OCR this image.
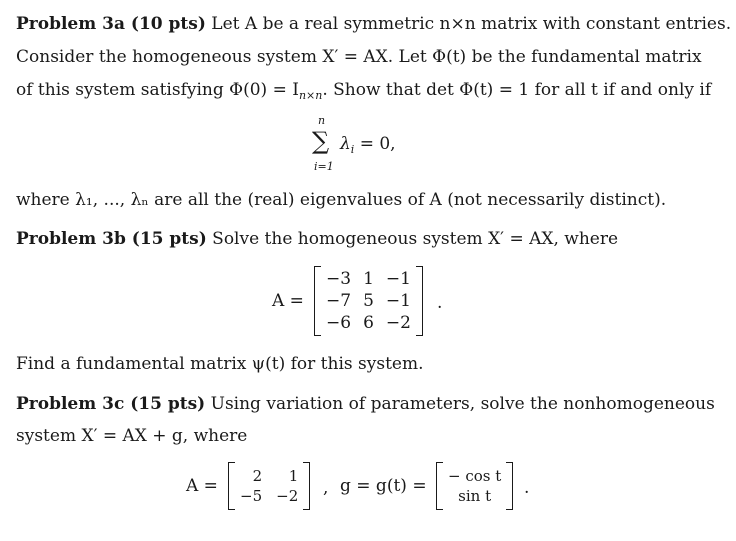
Problem 3a (10 pts) Let A be a real symmetric n×n matrix with constant entries.
Consider the homogeneous system X′ = AX. Let Φ(t) be the fundamental matrix
of this system satisfying $\Phi(0) = I_{n\times n}$. Show that det Φ(t) = 1 for all t if and only if
n
∑ $\lambda_i = 0$,
i=1
where λ₁, ..., λₙ are all the (real) eigenvalues of A (not necessarily distinct).
Problem 3b (15 pts) Solve the homogeneous system X′ = AX, where
A =
−3 1 −1
−7 5 −1
−6 6 −2
.
Find a fundamental matrix ψ(t) for this system.
Problem 3c (15 pts) Using variation of parameters, solve the nonhomogeneous
system X′ = AX + g, where
A =	2	1
−5 −2 , g = g(t) = − cos t
sin t	.
